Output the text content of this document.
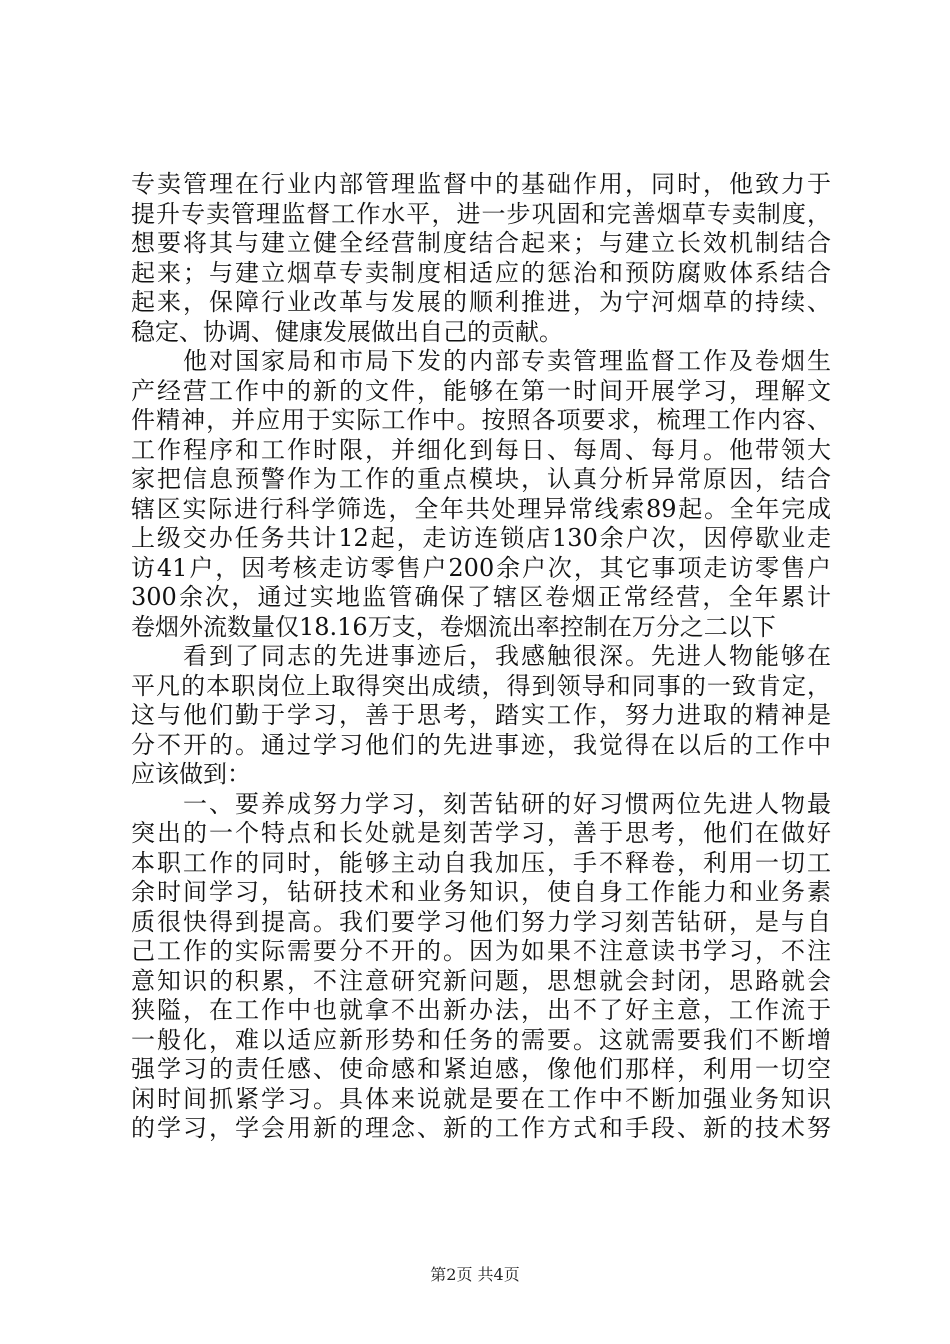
专卖管理在行业内部管理监督中的基础作用，同时，他致力于
提升专卖管理监督工作水平，进一步巩固和完善烟草专卖制度，
想要将其与建立健全经营制度结合起来；与建立长效机制结合
起来；与建立烟草专卖制度相适应的惩治和预防腐败体系结合
起来，保障行业改革与发展的顺利推进，为宁河烟草的持续、
稳定、协调、健康发展做出自己的贡献。
　　他对国家局和市局下发的内部专卖管理监督工作及卷烟生
产经营工作中的新的文件，能够在第一时间开展学习，理解文
件精神，并应用于实际工作中。按照各项要求，梳理工作内容、
工作程序和工作时限，并细化到每日、每周、每月。他带领大
家把信息预警作为工作的重点模块，认真分析异常原因，结合
辖区实际进行科学筛选，全年共处理异常线索89起。全年完成
上级交办任务共计12起，走访连锁店130余户次，因停歇业走
访41户，因考核走访零售户200余户次，其它事项走访零售户
300余次，通过实地监管确保了辖区卷烟正常经营，全年累计
卷烟外流数量仅18.16万支，卷烟流出率控制在万分之二以下
　　看到了同志的先进事迹后，我感触很深。先进人物能够在
平凡的本职岗位上取得突出成绩，得到领导和同事的一致肯定，
这与他们勤于学习，善于思考，踏实工作，努力进取的精神是
分不开的。通过学习他们的先进事迹，我觉得在以后的工作中
应该做到：
　　一、要养成努力学习，刻苦钻研的好习惯两位先进人物最
突出的一个特点和长处就是刻苦学习，善于思考，他们在做好
本职工作的同时，能够主动自我加压，手不释卷，利用一切工
余时间学习，钻研技术和业务知识，使自身工作能力和业务素
质很快得到提高。我们要学习他们努力学习刻苦钻研，是与自
己工作的实际需要分不开的。因为如果不注意读书学习，不注
意知识的积累，不注意研究新问题，思想就会封闭，思路就会
狭隘，在工作中也就拿不出新办法，出不了好主意，工作流于
一般化，难以适应新形势和任务的需要。这就需要我们不断增
强学习的责任感、使命感和紧迫感，像他们那样，利用一切空
闲时间抓紧学习。具体来说就是要在工作中不断加强业务知识
的学习，学会用新的理念、新的工作方式和手段、新的技术努
第2页 共4页
